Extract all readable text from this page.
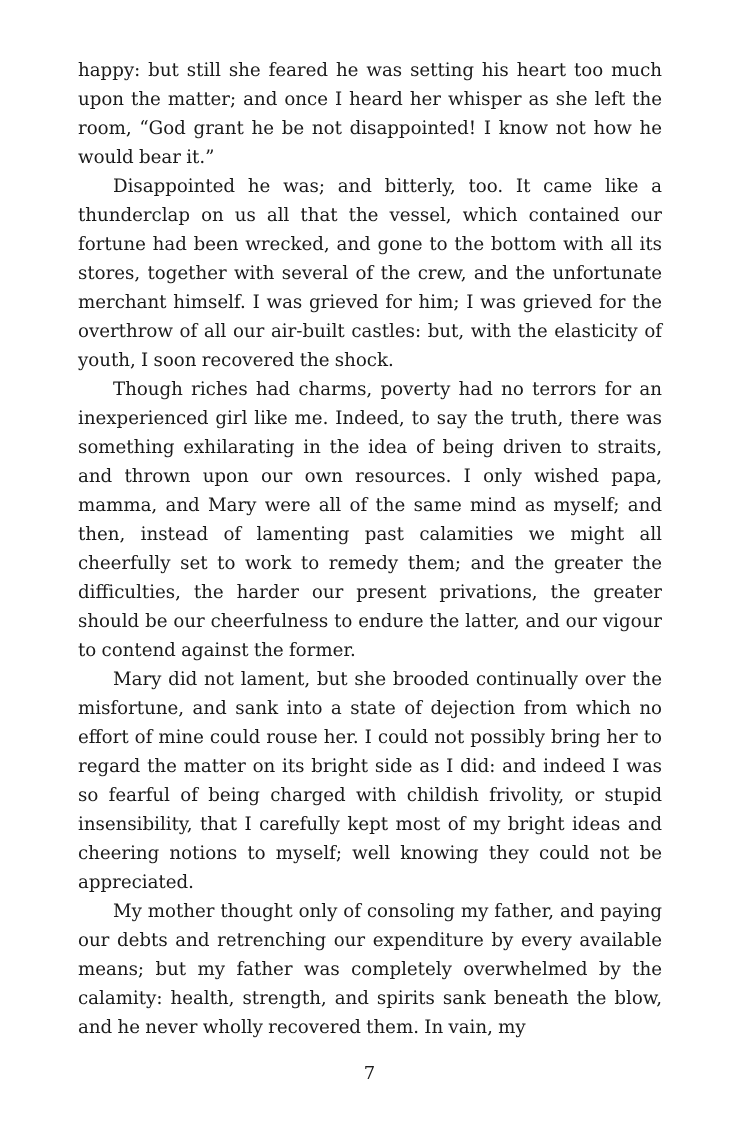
happy: but still she feared he was setting his heart too much upon the matter; and once I heard her whisper as she left the room, “God grant he be not disappointed! I know not how he would bear it.”

Disappointed he was; and bitterly, too. It came like a thunderclap on us all that the vessel, which contained our fortune had been wrecked, and gone to the bottom with all its stores, together with several of the crew, and the unfortunate merchant himself. I was grieved for him; I was grieved for the overthrow of all our air-built castles: but, with the elasticity of youth, I soon recovered the shock.

Though riches had charms, poverty had no terrors for an inexperienced girl like me. Indeed, to say the truth, there was something exhilarating in the idea of being driven to straits, and thrown upon our own resources. I only wished papa, mamma, and Mary were all of the same mind as myself; and then, instead of lamenting past calamities we might all cheerfully set to work to remedy them; and the greater the difficulties, the harder our present privations, the greater should be our cheerfulness to endure the latter, and our vigour to contend against the former.

Mary did not lament, but she brooded continually over the misfortune, and sank into a state of dejection from which no effort of mine could rouse her. I could not possibly bring her to regard the matter on its bright side as I did: and indeed I was so fearful of being charged with childish frivolity, or stupid insensibility, that I carefully kept most of my bright ideas and cheering notions to myself; well knowing they could not be appreciated.

My mother thought only of consoling my father, and paying our debts and retrenching our expenditure by every available means; but my father was completely overwhelmed by the calamity: health, strength, and spirits sank beneath the blow, and he never wholly recovered them. In vain, my

7
